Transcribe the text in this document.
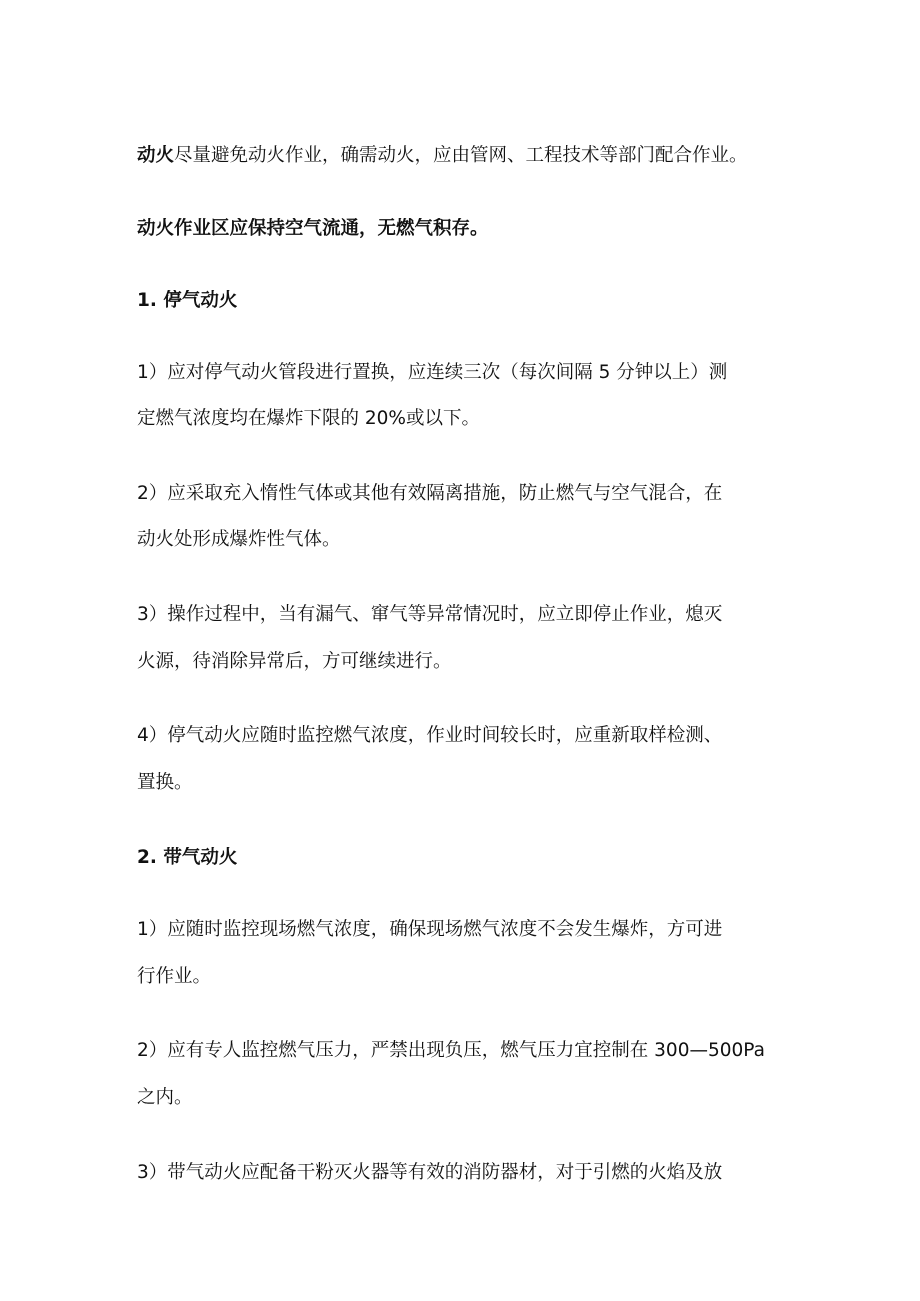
动火尽量避免动火作业，确需动火，应由管网、工程技术等部门配合作业。
动火作业区应保持空气流通，无燃气积存。
1. 停气动火
1）应对停气动火管段进行置换，应连续三次（每次间隔 5 分钟以上）测
定燃气浓度均在爆炸下限的 20%或以下。
2）应采取充入惰性气体或其他有效隔离措施，防止燃气与空气混合，在
动火处形成爆炸性气体。
3）操作过程中，当有漏气、窜气等异常情况时，应立即停止作业，熄灭
火源，待消除异常后，方可继续进行。
4）停气动火应随时监控燃气浓度，作业时间较长时，应重新取样检测、
置换。
2. 带气动火
1）应随时监控现场燃气浓度，确保现场燃气浓度不会发生爆炸，方可进
行作业。
2）应有专人监控燃气压力，严禁出现负压，燃气压力宜控制在 300—500Pa
之内。
3）带气动火应配备干粉灭火器等有效的消防器材，对于引燃的火焰及放
